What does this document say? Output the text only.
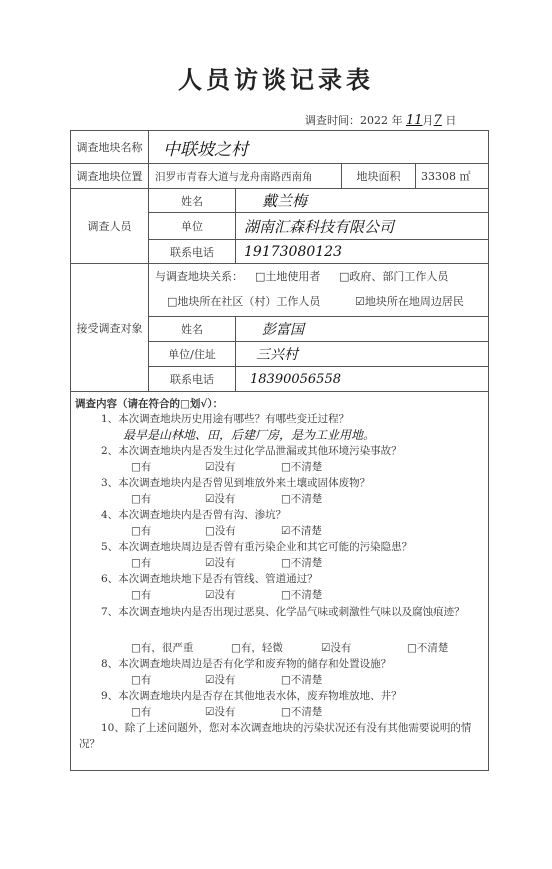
人员访谈记录表
调查时间：2022 年 11月7 日
调查地块名称	中联坡之村
调查地块位置	汨罗市青春大道与龙舟南路西南角	地块面积	33308 ㎡
调查人员
姓名	戴兰梅
单位	湖南汇森科技有限公司
联系电话	19173080123
接受调查对象
与调查地块关系： □土地使用者 □政府、部门工作人员
□地块所在社区（村）工作人员	☑地块所在地周边居民
姓名	彭富国
单位/住址	三兴村
联系电话	18390056558
调查内容（请在符合的□划√）：
1、本次调查地块历史用途有哪些？有哪些变迁过程？
最早是山林地、田，后建厂房，是为工业用地。
2、本次调查地块内是否发生过化学品泄漏或其他环境污染事故？
□有	☑没有	□不清楚
3、本次调查地块内是否曾见到堆放外来土壤或固体废物？
□有	☑没有	□不清楚
4、本次调查地块内是否曾有沟、渗坑？
□有	□没有	☑不清楚
5、本次调查地块周边是否曾有重污染企业和其它可能的污染隐患？
□有	☑没有	□不清楚
6、本次调查地块地下是否有管线、管道通过？
□有	☑没有	□不清楚
7、本次调查地块内是否出现过恶臭、化学品气味或刺激性气味以及腐蚀痕迹？
□有，很严重	□有，轻微	☑没有	□不清楚
8、本次调查地块周边是否有化学和废弃物的储存和处置设施？
□有	☑没有	□不清楚
9、本次调查地块内是否存在其他地表水体，废弃物堆放地、井？
□有	☑没有	□不清楚
10、除了上述问题外，您对本次调查地块的污染状况还有没有其他需要说明的情况？
